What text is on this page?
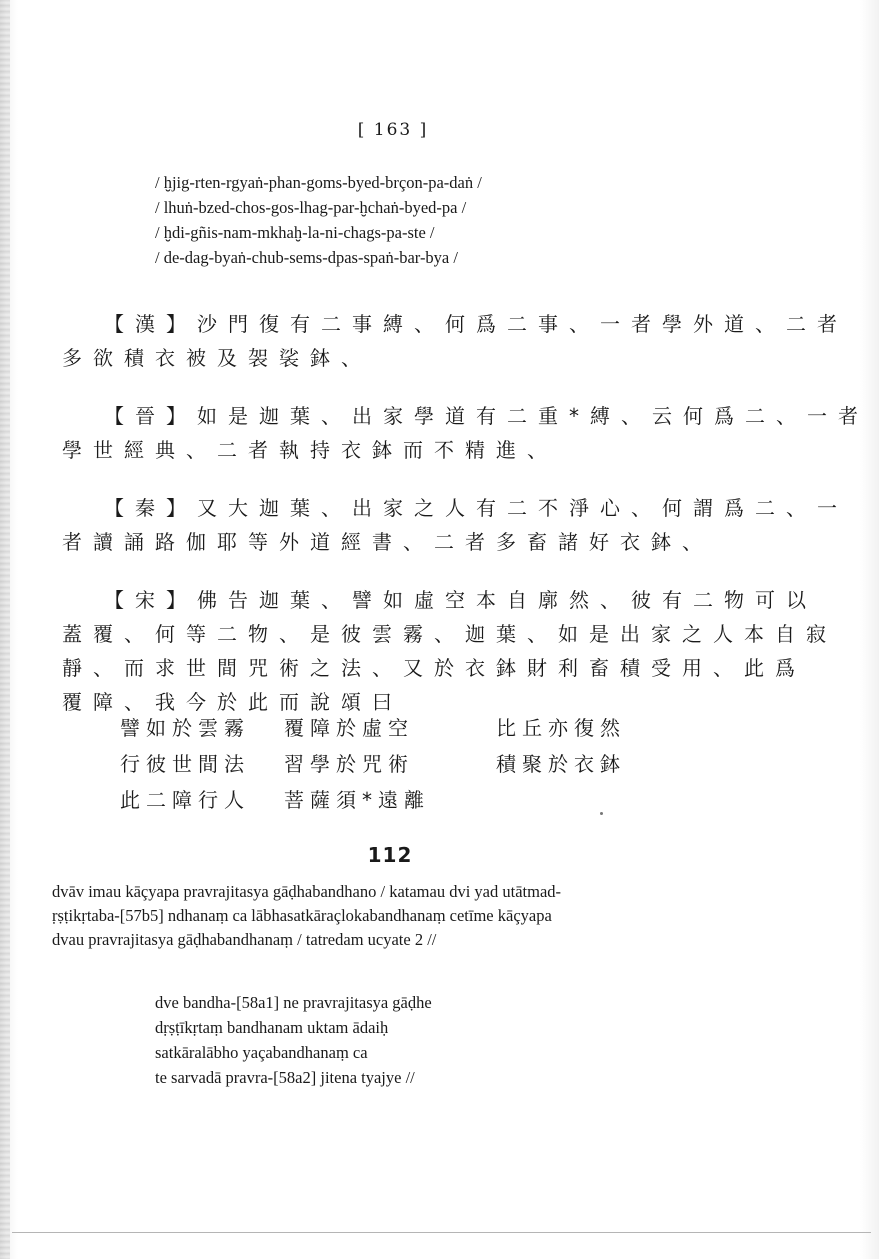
[ 163 ]
/ ḫjig-rten-rgyaṅ-phan-goms-byed-brçon-pa-daṅ /
/ lhuṅ-bzed-chos-gos-lhag-par-ḫchaṅ-byed-pa /
/ ḫdi-gñis-nam-mkhaḫ-la-ni-chags-pa-ste /
/ de-dag-byaṅ-chub-sems-dpas-spaṅ-bar-bya /
【漢】沙門復有二事縛、何爲二事、一者學外道、二者
多欲積衣被及袈裟鉢、
【晉】如是迦葉、出家學道有二重*縛、云何爲二、一者
學世經典、二者執持衣鉢而不精進、
【秦】又大迦葉、出家之人有二不淨心、何謂爲二、一
者讀誦路伽耶等外道經書、二者多畜諸好衣鉢、
【宋】佛告迦葉、譬如虛空本自廓然、彼有二物可以
蓋覆、何等二物、是彼雲霧、迦葉、如是出家之人本自寂
靜、而求世間咒術之法、又於衣鉢財利畜積受用、此爲
覆障、我今於此而說頌曰
譬如於雲霧	覆障於虛空	比丘亦復然
行彼世間法	習學於咒術	積聚於衣鉢
此二障行人	菩薩須*遠離
112
dvāv imau kāçyapa pravrajitasya gāḍhabandhano / katamau dvi yad utātmad-
ṛṣṭikṛtaba-[57b5] ndhanaṃ ca lābhasatkāraçlokabandhanaṃ cetīme kāçyapa
dvau pravrajitasya gāḍhabandhanaṃ / tatredam ucyate 2 //
dve bandha-[58a1] ne pravrajitasya gāḍhe
dṛṣṭīkṛtaṃ bandhanam uktam ādaiḥ
satkāralābho yaçabandhanaṃ ca
te sarvadā pravra-[58a2] jitena tyajye //
